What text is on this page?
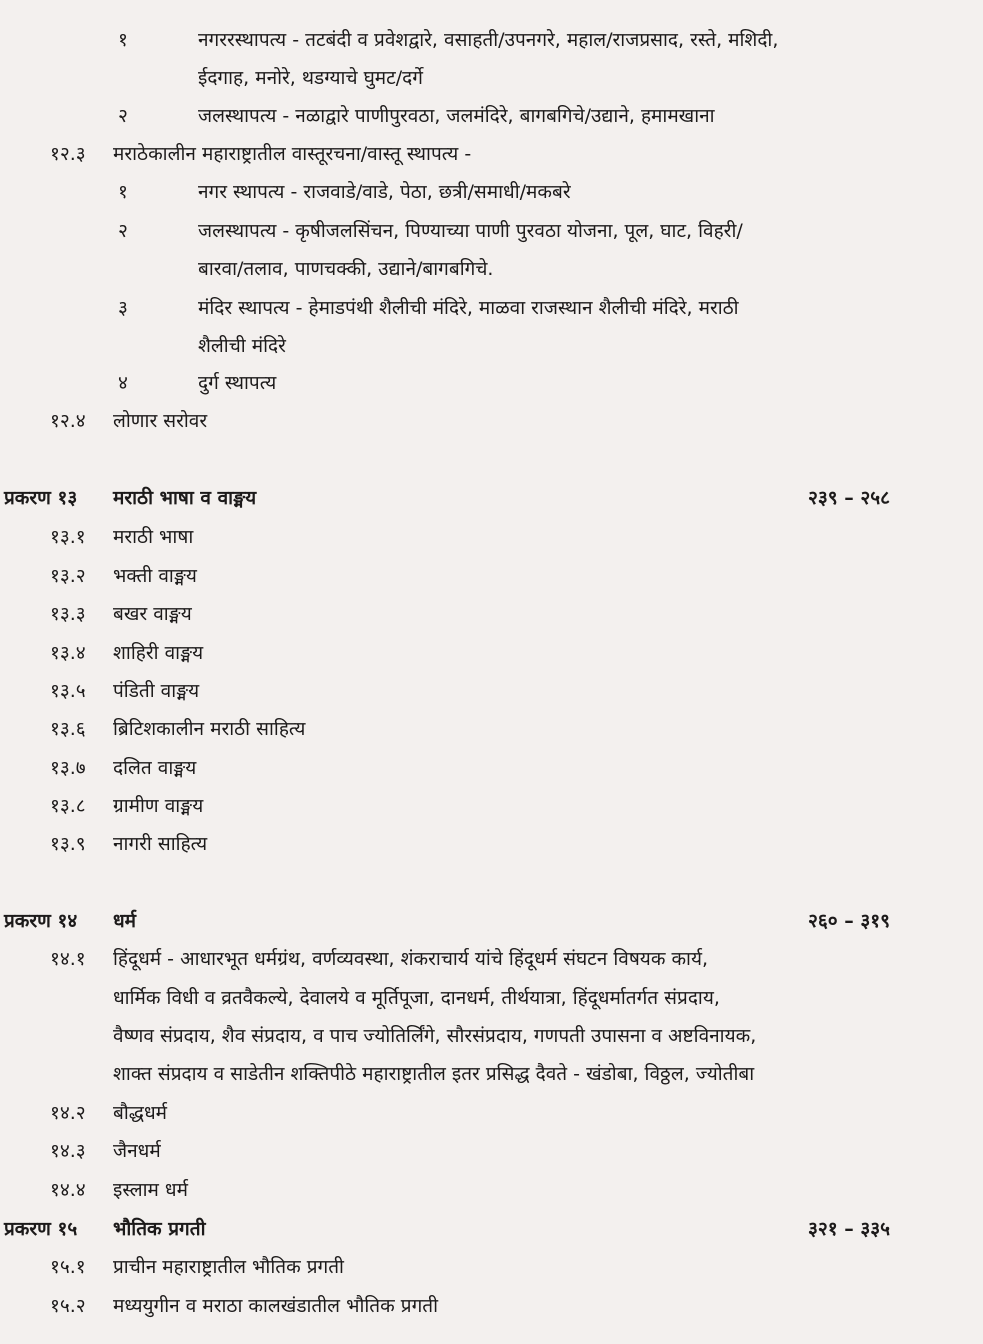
१	नगररस्थापत्य - तटबंदी व प्रवेशद्वारे, वसाहती/उपनगरे, महाल/राजप्रसाद, रस्ते, मशिदी,
ईदगाह, मनोरे, थडग्याचे घुमट/दर्गे
२	जलस्थापत्य - नळाद्वारे पाणीपुरवठा, जलमंदिरे, बागबगिचे/उद्याने, हमामखाना
१२.३ मराठेकालीन महाराष्ट्रातील वास्तूरचना/वास्तू स्थापत्य -
१	नगर स्थापत्य - राजवाडे/वाडे, पेठा, छत्री/समाधी/मकबरे
२	जलस्थापत्य - कृषीजलसिंचन, पिण्याच्या पाणी पुरवठा योजना, पूल, घाट, विहरी/
बारवा/तलाव, पाणचक्की, उद्याने/बागबगिचे.
३	मंदिर स्थापत्य - हेमाडपंथी शैलीची मंदिरे, माळवा राजस्थान शैलीची मंदिरे, मराठी
शैलीची मंदिरे
४	दुर्ग स्थापत्य
१२.४ लोणार सरोवर
प्रकरण १३ मराठी भाषा व वाङ्मय	२३९ – २५८
१३.१ मराठी भाषा
१३.२ भक्ती वाङ्मय
१३.३ बखर वाङ्मय
१३.४ शाहिरी वाङ्मय
१३.५ पंडिती वाङ्मय
१३.६ ब्रिटिशकालीन मराठी साहित्य
१३.७ दलित वाङ्मय
१३.८ ग्रामीण वाङ्मय
१३.९ नागरी साहित्य
प्रकरण १४ धर्म	२६० – ३१९
१४.१ हिंदूधर्म - आधारभूत धर्मग्रंथ, वर्णव्यवस्था, शंकराचार्य यांचे हिंदूधर्म संघटन विषयक कार्य,
धार्मिक विधी व व्रतवैकल्ये, देवालये व मूर्तिपूजा, दानधर्म, तीर्थयात्रा, हिंदूधर्मातर्गत संप्रदाय,
वैष्णव संप्रदाय, शैव संप्रदाय, व पाच ज्योतिर्लिंगे, सौरसंप्रदाय, गणपती उपासना व अष्टविनायक,
शाक्त संप्रदाय व साडेतीन शक्तिपीठे महाराष्ट्रातील इतर प्रसिद्ध दैवते - खंडोबा, विठ्ठल, ज्योतीबा
१४.२ बौद्धधर्म
१४.३ जैनधर्म
१४.४ इस्लाम धर्म
प्रकरण १५ भौतिक प्रगती	३२१ – ३३५
१५.१ प्राचीन महाराष्ट्रातील भौतिक प्रगती
१५.२ मध्ययुगीन व मराठा कालखंडातील भौतिक प्रगती
